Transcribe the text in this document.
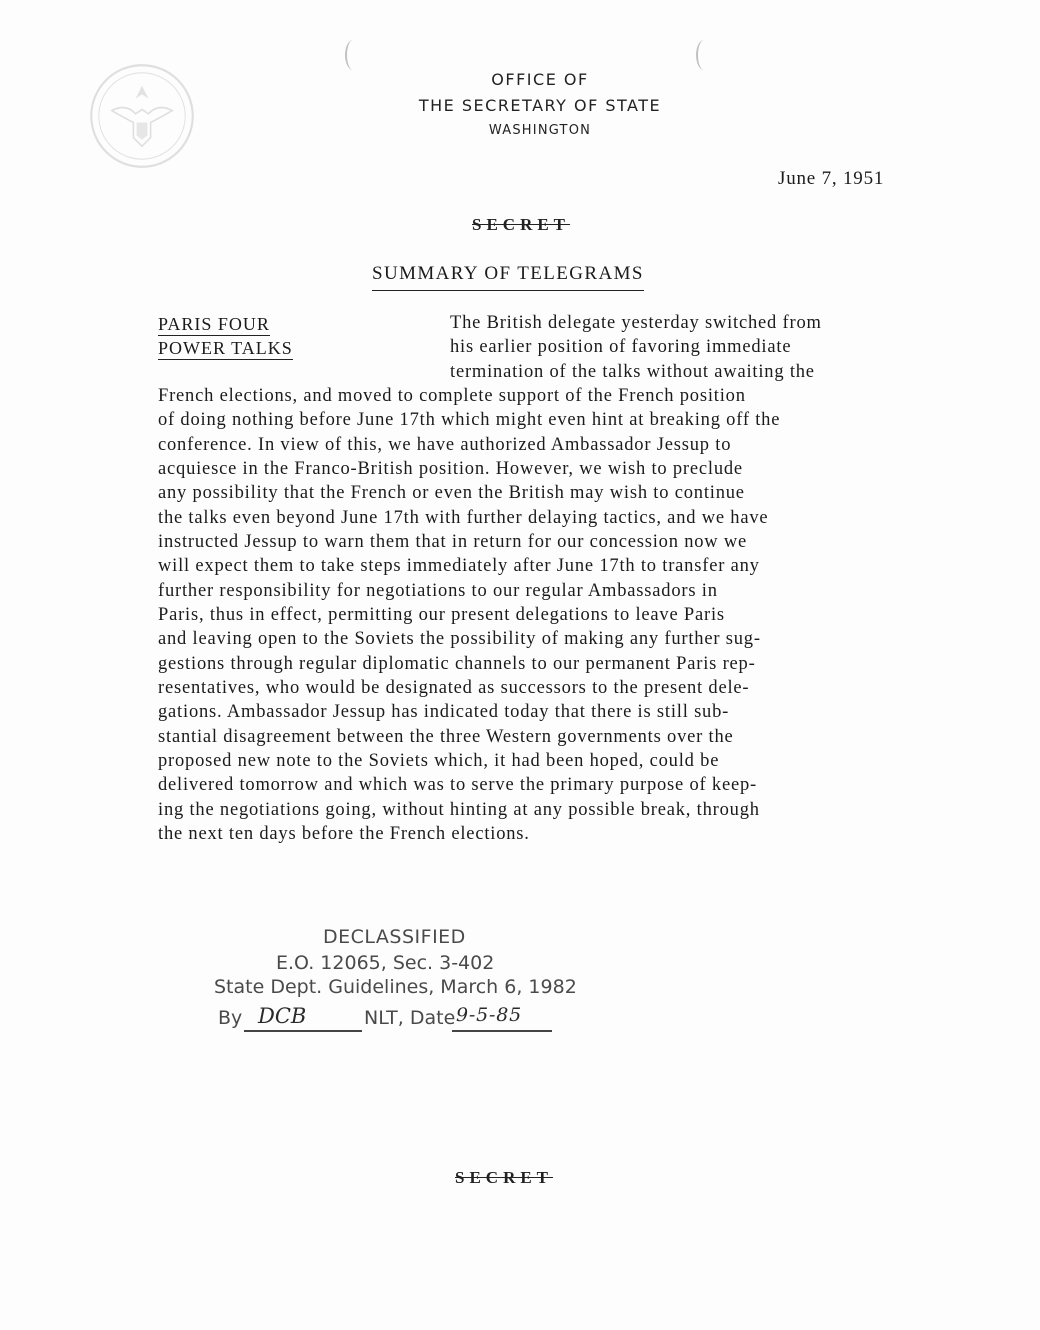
OFFICE OF
THE SECRETARY OF STATE
WASHINGTON
June 7, 1951
SECRET
SUMMARY OF TELEGRAMS
PARIS FOUR
POWER TALKS
The British delegate yesterday switched from
his earlier position of favoring immediate
termination of the talks without awaiting the
French elections, and moved to complete support of the French position
of doing nothing before June 17th which might even hint at breaking off the
conference. In view of this, we have authorized Ambassador Jessup to
acquiesce in the Franco-British position. However, we wish to preclude
any possibility that the French or even the British may wish to continue
the talks even beyond June 17th with further delaying tactics, and we have
instructed Jessup to warn them that in return for our concession now we
will expect them to take steps immediately after June 17th to transfer any
further responsibility for negotiations to our regular Ambassadors in
Paris, thus in effect, permitting our present delegations to leave Paris
and leaving open to the Soviets the possibility of making any further sug-
gestions through regular diplomatic channels to our permanent Paris rep-
resentatives, who would be designated as successors to the present dele-
gations. Ambassador Jessup has indicated today that there is still sub-
stantial disagreement between the three Western governments over the
proposed new note to the Soviets which, it had been hoped, could be
delivered tomorrow and which was to serve the primary purpose of keep-
ing the negotiations going, without hinting at any possible break, through
the next ten days before the French elections.
DECLASSIFIED
E.O. 12065, Sec. 3-402
State Dept. Guidelines, March 6, 1982
By DCB	NLT, Date 9-5-85
SECRET
